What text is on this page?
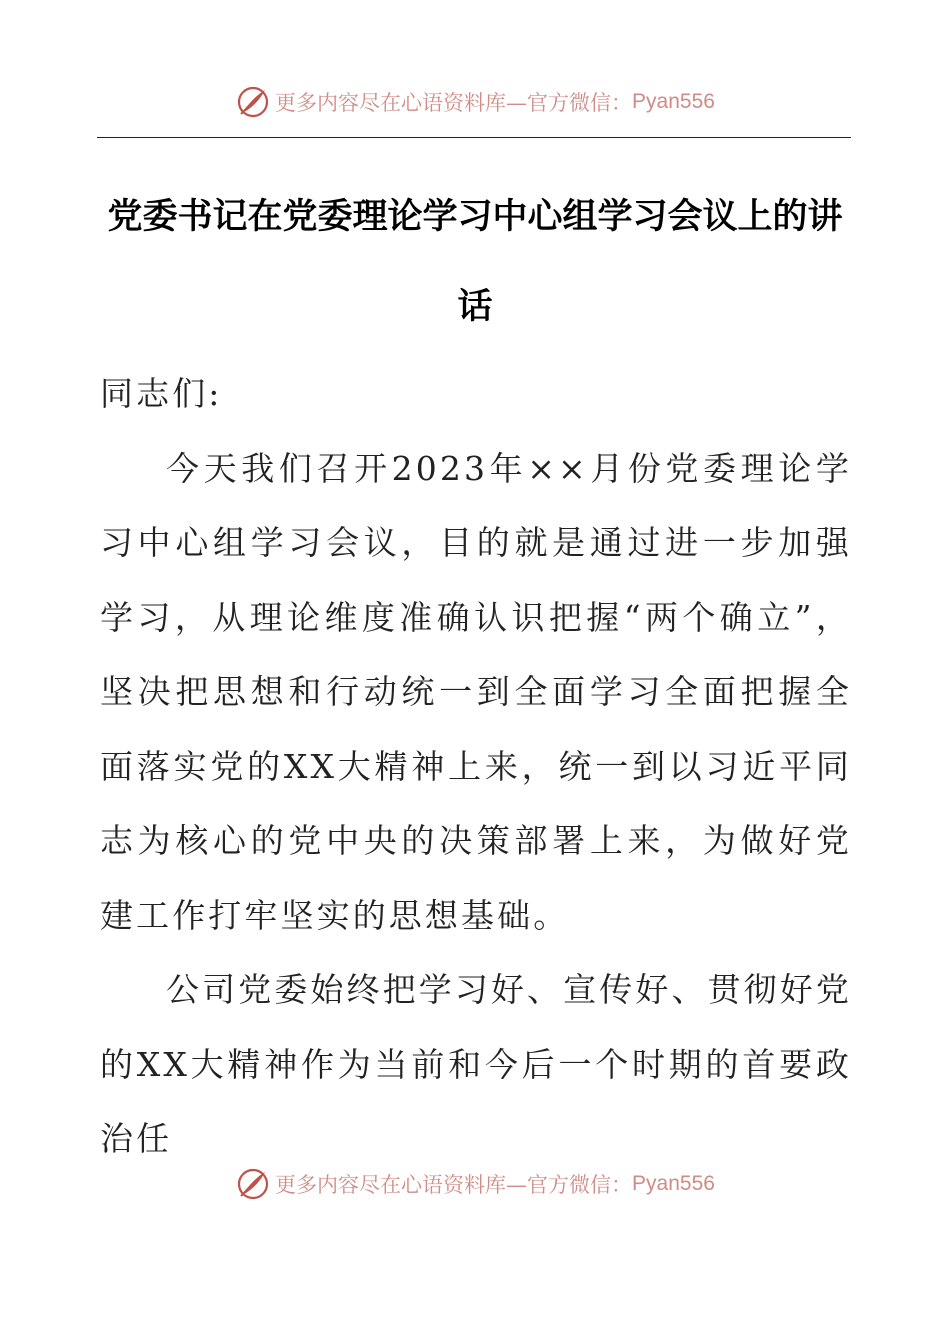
更多内容尽在心语资料库—官方微信： Pyan556
党委书记在党委理论学习中心组学习会议上的讲话

同志们:

今天我们召开2023年××月份党委理论学习中心组学习会议，目的就是通过进一步加强学习，从理论维度准确认识把握“两个确立”，坚决把思想和行动统一到全面学习全面把握全面落实党的XX大精神上来，统一到以习近平同志为核心的党中央的决策部署上来，为做好党建工作打牢坚实的思想基础。

公司党委始终把学习好、宣传好、贯彻好党的XX大精神作为当前和今后一个时期的首要政治任

更多内容尽在心语资料库—官方微信： Pyan556
